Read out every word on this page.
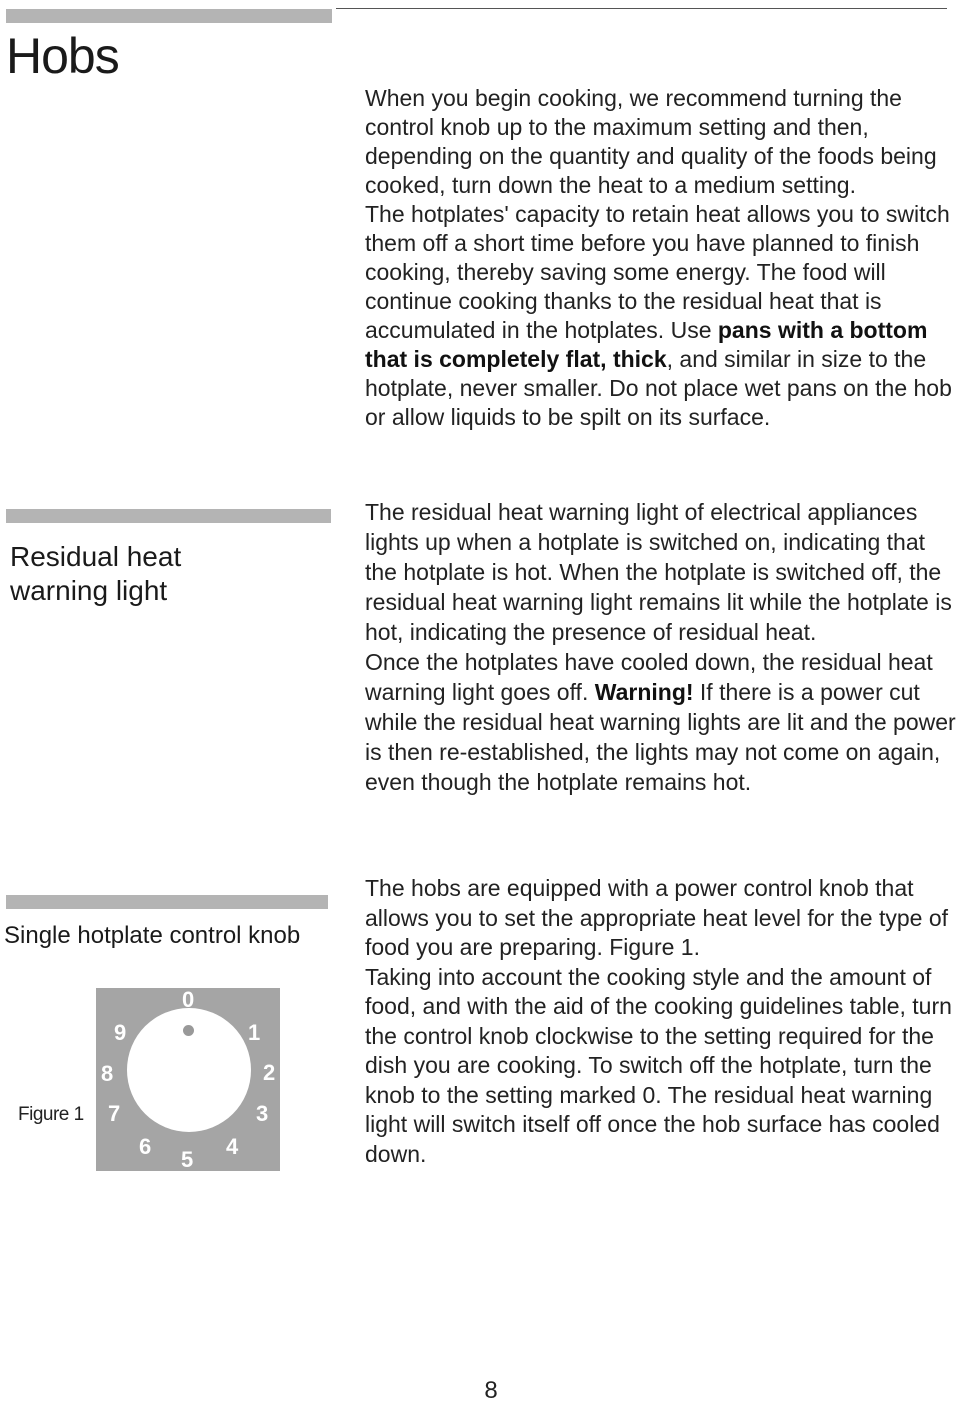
Hobs

When you begin cooking, we recommend turning the control knob up to the maximum setting and then, depending on the quantity and quality of the foods being cooked, turn down the heat to a medium setting.

The hotplates' capacity to retain heat allows you to switch them off a short time before you have planned to finish cooking, thereby saving some energy. The food will continue cooking thanks to the residual heat that is accumulated in the hotplates. Use pans with a bottom that is completely flat, thick, and similar in size to the hotplate, never smaller. Do not place wet pans on the hob or allow liquids to be spilt on its surface.

Residual heat
warning light

The residual heat warning light of electrical appliances lights up when a hotplate is switched on, indicating that the hotplate is hot. When the hotplate is switched off, the residual heat warning light remains lit while the hotplate is hot, indicating the presence of residual heat.

Once the hotplates have cooled down, the residual heat warning light goes off. Warning! If there is a power cut while the residual heat warning lights are lit and the power is then re-established, the lights may not come on again, even though the hotplate remains hot.

Single hotplate control knob

The hobs are equipped with a power control knob that allows you to set the appropriate heat level for the type of food you are preparing. Figure 1.

Taking into account the cooking style and the amount of food, and with the aid of the cooking guidelines table, turn the control knob clockwise to the setting required for the dish you are cooking. To switch off the hotplate, turn the knob to the setting marked 0. The residual heat warning light will switch itself off once the hob surface has cooled down.

Figure 1
0
1
2
3
4
5
6
7
8
9
8
